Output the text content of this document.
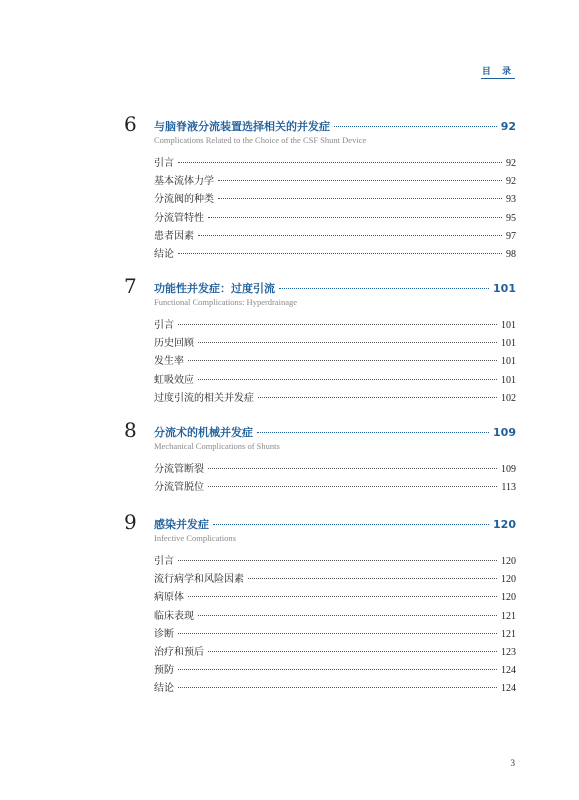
目 录
6 与脑脊液分流装置选择相关的并发症	92
Complications Related to the Choice of the CSF Shunt Device
引言	92
基本流体力学	92
分流阀的种类	93
分流管特性	95
患者因素	97
结论	98
7 功能性并发症：过度引流	101
Functional Complications: Hyperdrainage
引言	101
历史回顾	101
发生率	101
虹吸效应	101
过度引流的相关并发症	102
8 分流术的机械并发症	109
Mechanical Complications of Shunts
分流管断裂	109
分流管脱位	113
9 感染并发症	120
Infective Complications
引言	120
流行病学和风险因素	120
病原体	120
临床表现	121
诊断	121
治疗和预后	123
预防	124
结论	124
3
